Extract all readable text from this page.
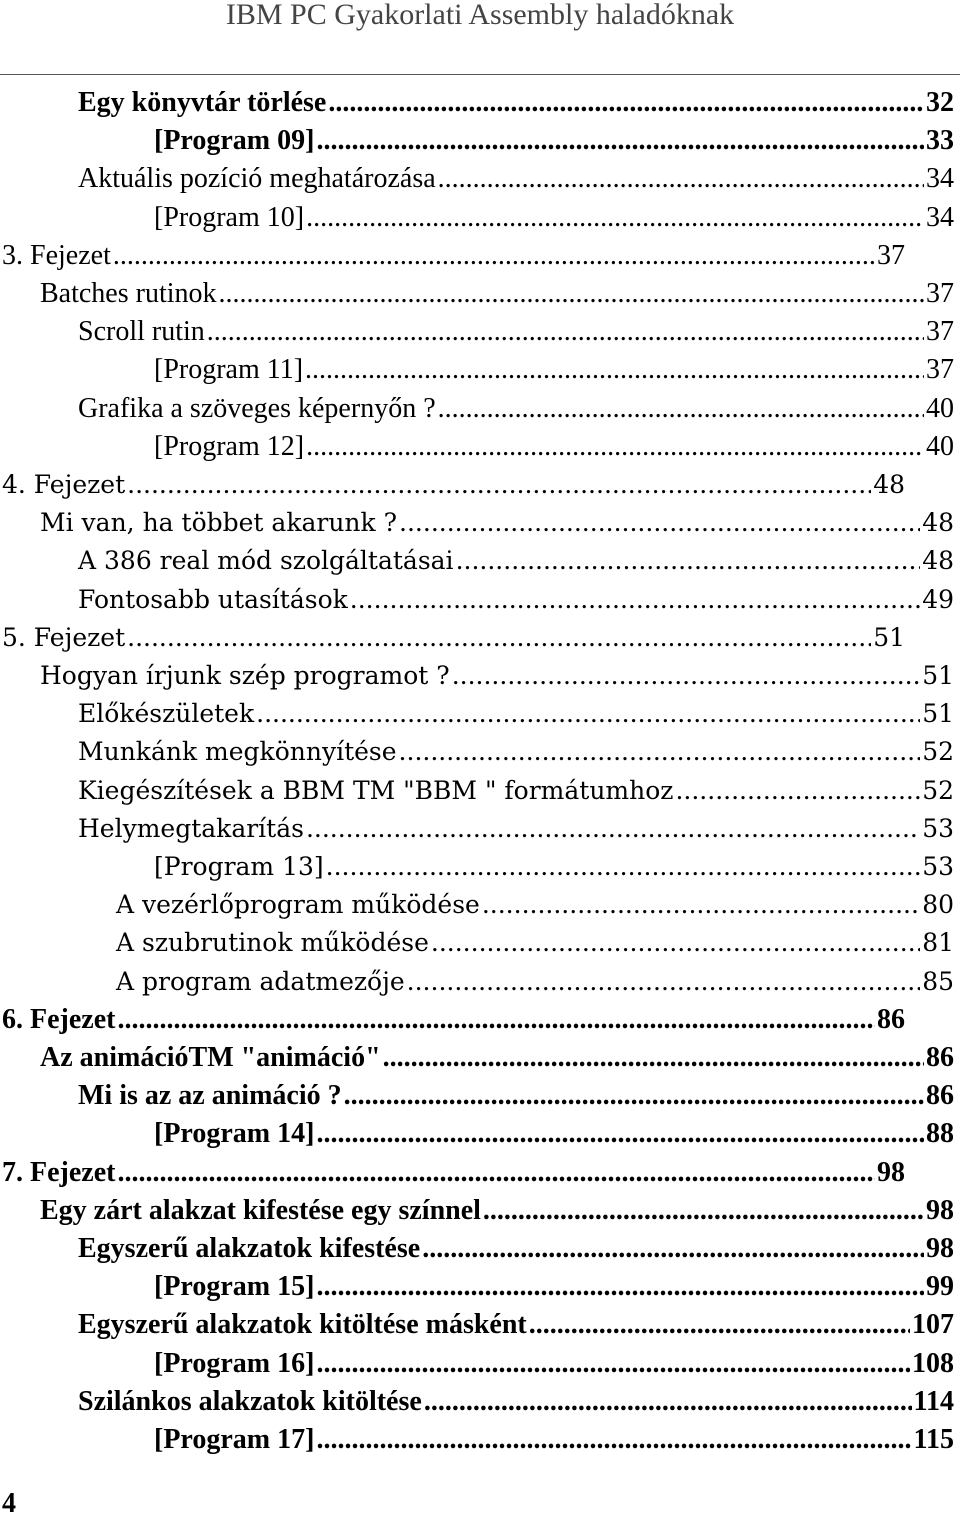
IBM PC Gyakorlati Assembly haladóknak
Egy könyvtár törlése .....	32
[Program 09] .....	33
Aktuális pozíció meghatározása .....	34
[Program 10] .....	34
3. Fejezet .....	37
Batches rutinok .....	37
Scroll rutin .....	37
[Program 11] .....	37
Grafika a szöveges képernyőn ? .....	40
[Program 12] .....	40
4. Fejezet .....	48
Mi van, ha többet akarunk ? .....	48
A 386 real mód szolgáltatásai .....	48
Fontosabb utasítások .....	49
5. Fejezet .....	51
Hogyan írjunk szép programot ? .....	51
Előkészületek .....	51
Munkánk megkönnyítése .....	52
Kiegészítések a BBM TM "BBM " formátumhoz .....	52
Helymegtakarítás .....	53
[Program 13] .....	53
A vezérlőprogram működése .....	80
A szubrutinok működése .....	81
A program adatmezője .....	85
6. Fejezet .....	86
Az animációTM "animáció" .....	86
Mi is az az animáció ? .....	86
[Program 14] .....	88
7. Fejezet .....	98
Egy zárt alakzat kifestése egy színnel .....	98
Egyszerű alakzatok kifestése .....	98
[Program 15] .....	99
Egyszerű alakzatok kitöltése másként .....	107
[Program 16] .....	108
Szilánkos alakzatok kitöltése .....	114
[Program 17] .....	115
4
